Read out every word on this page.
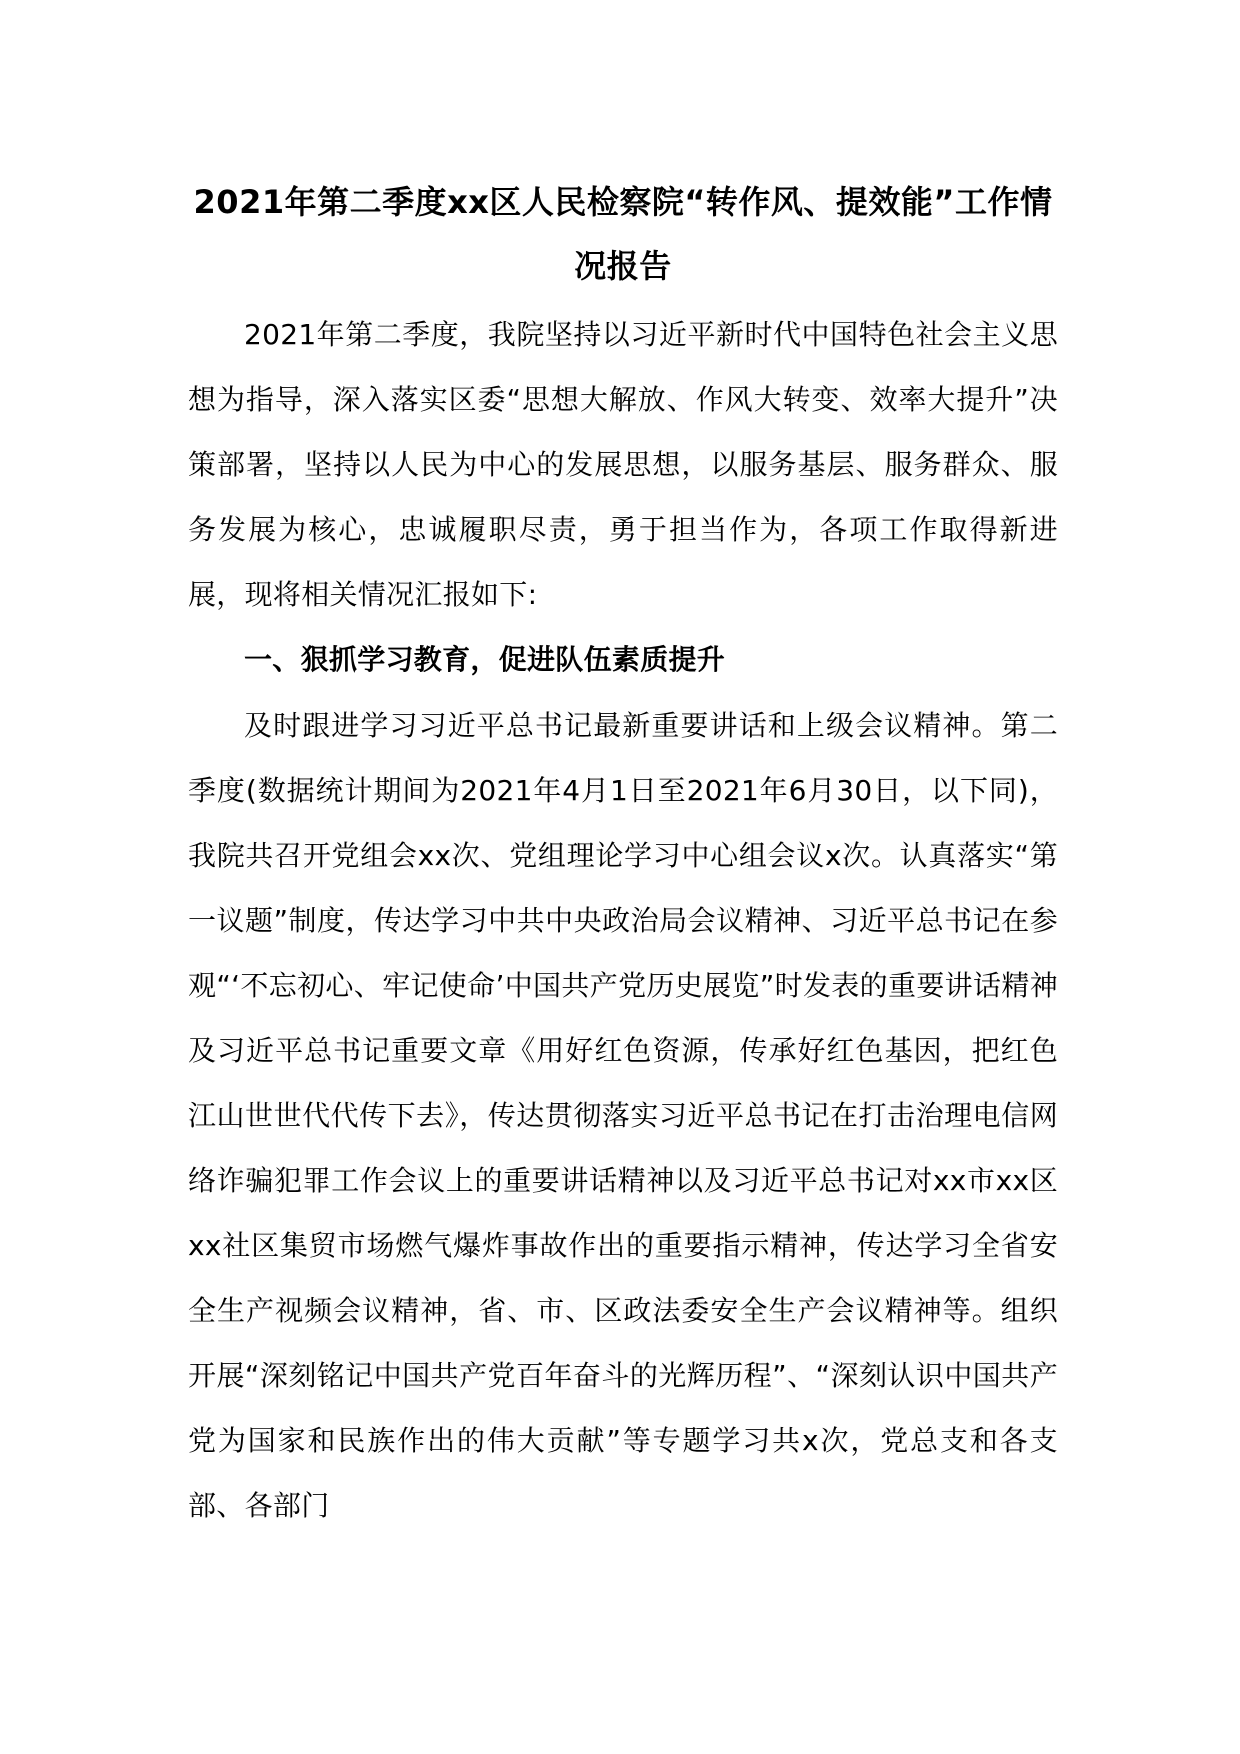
2021年第二季度xx区人民检察院“转作风、提效能”工作情况报告

2021年第二季度，我院坚持以习近平新时代中国特色社会主义思想为指导，深入落实区委“思想大解放、作风大转变、效率大提升”决策部署，坚持以人民为中心的发展思想，以服务基层、服务群众、服务发展为核心，忠诚履职尽责，勇于担当作为，各项工作取得新进展，现将相关情况汇报如下:

一、狠抓学习教育，促进队伍素质提升

及时跟进学习习近平总书记最新重要讲话和上级会议精神。第二季度(数据统计期间为2021年4月1日至2021年6月30日，以下同)，我院共召开党组会xx次、党组理论学习中心组会议x次。认真落实“第一议题”制度，传达学习中共中央政治局会议精神、习近平总书记在参观“‘不忘初心、牢记使命’中国共产党历史展览”时发表的重要讲话精神及习近平总书记重要文章《用好红色资源，传承好红色基因，把红色江山世世代代传下去》，传达贯彻落实习近平总书记在打击治理电信网络诈骗犯罪工作会议上的重要讲话精神以及习近平总书记对xx市xx区xx社区集贸市场燃气爆炸事故作出的重要指示精神，传达学习全省安全生产视频会议精神，省、市、区政法委安全生产会议精神等。组织开展“深刻铭记中国共产党百年奋斗的光辉历程”、“深刻认识中国共产党为国家和民族作出的伟大贡献”等专题学习共x次，党总支和各支部、各部门
